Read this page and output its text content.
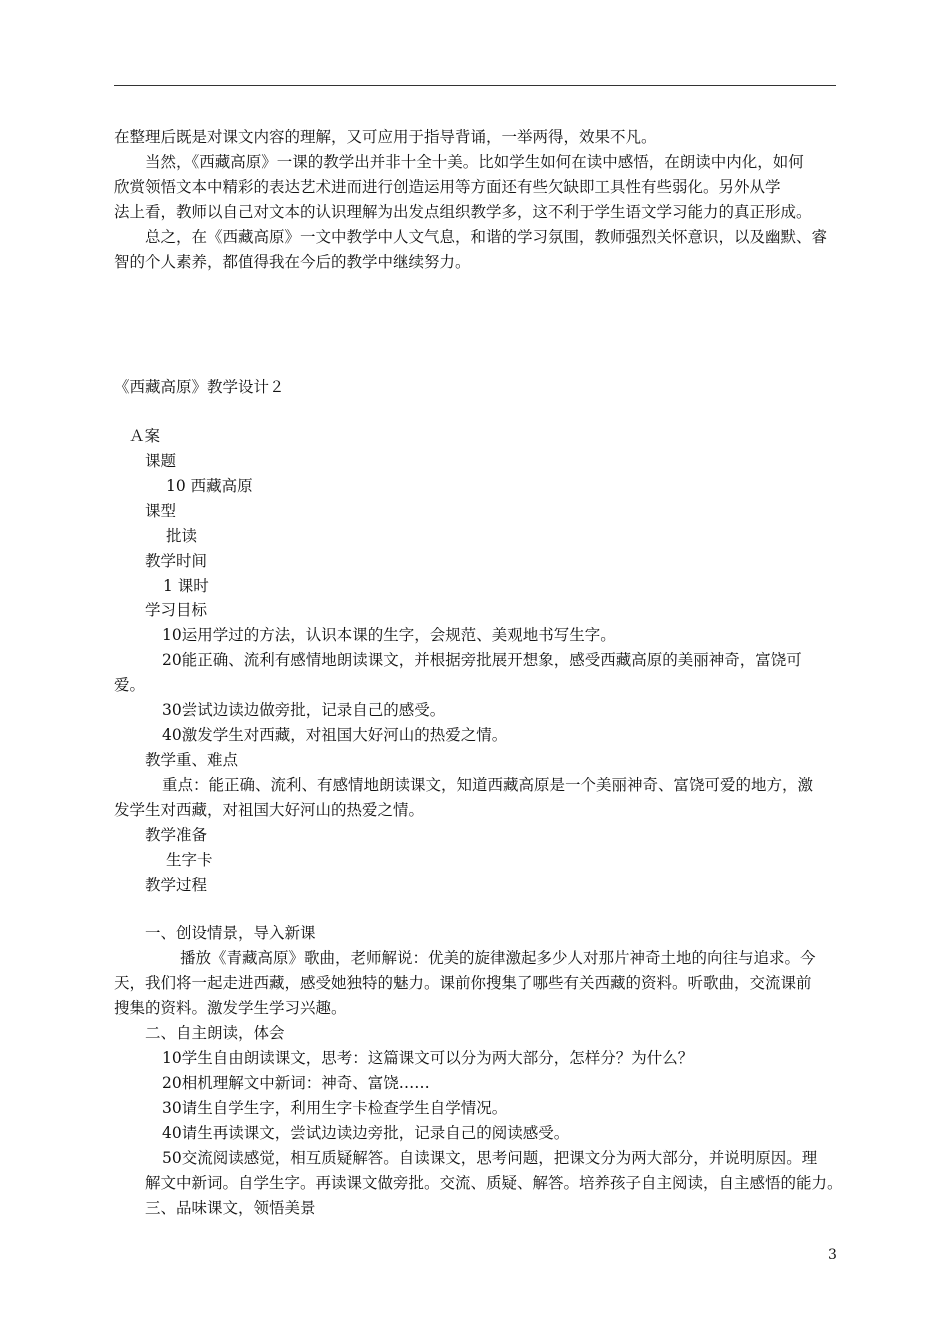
在整理后既是对课文内容的理解，又可应用于指导背诵，一举两得，效果不凡。
当然，《西藏高原》一课的教学出并非十全十美。比如学生如何在读中感悟，在朗读中内化，如何
欣赏领悟文本中精彩的表达艺术进而进行创造运用等方面还有些欠缺即工具性有些弱化。另外从学
法上看，教师以自己对文本的认识理解为出发点组织教学多，这不利于学生语文学习能力的真正形成。
总之，在《西藏高原》一文中教学中人文气息，和谐的学习氛围，教师强烈关怀意识，以及幽默、睿
智的个人素养，都值得我在今后的教学中继续努力。
《西藏高原》教学设计２
Ａ案
课题
10 西藏高原
课型
批读
教学时间
1 课时
学习目标
10运用学过的方法，认识本课的生字，会规范、美观地书写生字。
20能正确、流利有感情地朗读课文，并根据旁批展开想象，感受西藏高原的美丽神奇，富饶可
爱。
30尝试边读边做旁批，记录自己的感受。
40激发学生对西藏，对祖国大好河山的热爱之情。
教学重、难点
重点：能正确、流利、有感情地朗读课文，知道西藏高原是一个美丽神奇、富饶可爱的地方，激
发学生对西藏，对祖国大好河山的热爱之情。
教学准备
生字卡
教学过程
一、创设情景，导入新课
播放《青藏高原》歌曲，老师解说：优美的旋律激起多少人对那片神奇土地的向往与追求。今
天，我们将一起走进西藏，感受她独特的魅力。课前你搜集了哪些有关西藏的资料。听歌曲，交流课前
搜集的资料。激发学生学习兴趣。
二、自主朗读，体会
10学生自由朗读课文，思考：这篇课文可以分为两大部分，怎样分？为什么？
20相机理解文中新词：神奇、富饶……
30请生自学生字，利用生字卡检查学生自学情况。
40请生再读课文，尝试边读边旁批，记录自己的阅读感受。
50交流阅读感觉，相互质疑解答。自读课文，思考问题，把课文分为两大部分，并说明原因。理
解文中新词。自学生字。再读课文做旁批。交流、质疑、解答。培养孩子自主阅读，自主感悟的能力。
三、品味课文，领悟美景
3
